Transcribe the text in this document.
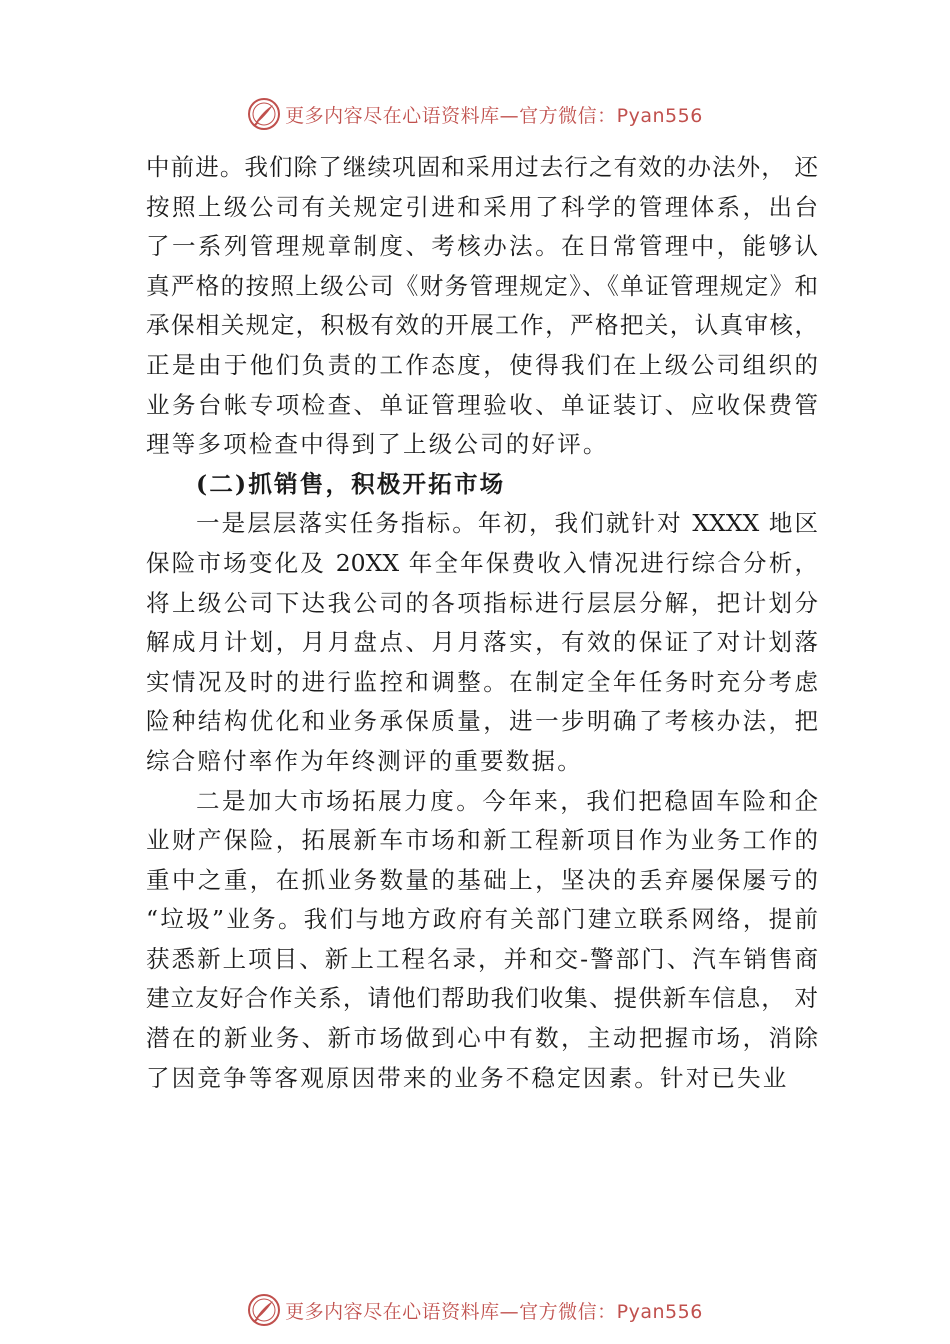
更多内容尽在心语资料库—官方微信：Pyan556
中前进。我们除了继续巩固和采用过去行之有效的办法外， 还
按照上级公司有关规定引进和采用了科学的管理体系，出台
了一系列管理规章制度、考核办法。在日常管理中，能够认
真严格的按照上级公司《财务管理规定》、《单证管理规定》和
承保相关规定，积极有效的开展工作，严格把关，认真审核，
正是由于他们负责的工作态度，使得我们在上级公司组织的
业务台帐专项检查、单证管理验收、单证装订、应收保费管
理等多项检查中得到了上级公司的好评。
(二)抓销售，积极开拓市场
一是层层落实任务指标。年初，我们就针对 XXXX 地区
保险市场变化及 20XX 年全年保费收入情况进行综合分析，
将上级公司下达我公司的各项指标进行层层分解，把计划分
解成月计划，月月盘点、月月落实，有效的保证了对计划落
实情况及时的进行监控和调整。在制定全年任务时充分考虑
险种结构优化和业务承保质量，进一步明确了考核办法，把
综合赔付率作为年终测评的重要数据。
二是加大市场拓展力度。今年来，我们把稳固车险和企
业财产保险，拓展新车市场和新工程新项目作为业务工作的
重中之重，在抓业务数量的基础上，坚决的丢弃屡保屡亏的
“垃圾”业务。我们与地方政府有关部门建立联系网络，提前
获悉新上项目、新上工程名录，并和交-警部门、汽车销售商
建立友好合作关系，请他们帮助我们收集、提供新车信息， 对
潜在的新业务、新市场做到心中有数，主动把握市场，消除
了因竞争等客观原因带来的业务不稳定因素。针对已失业
更多内容尽在心语资料库—官方微信：Pyan556
